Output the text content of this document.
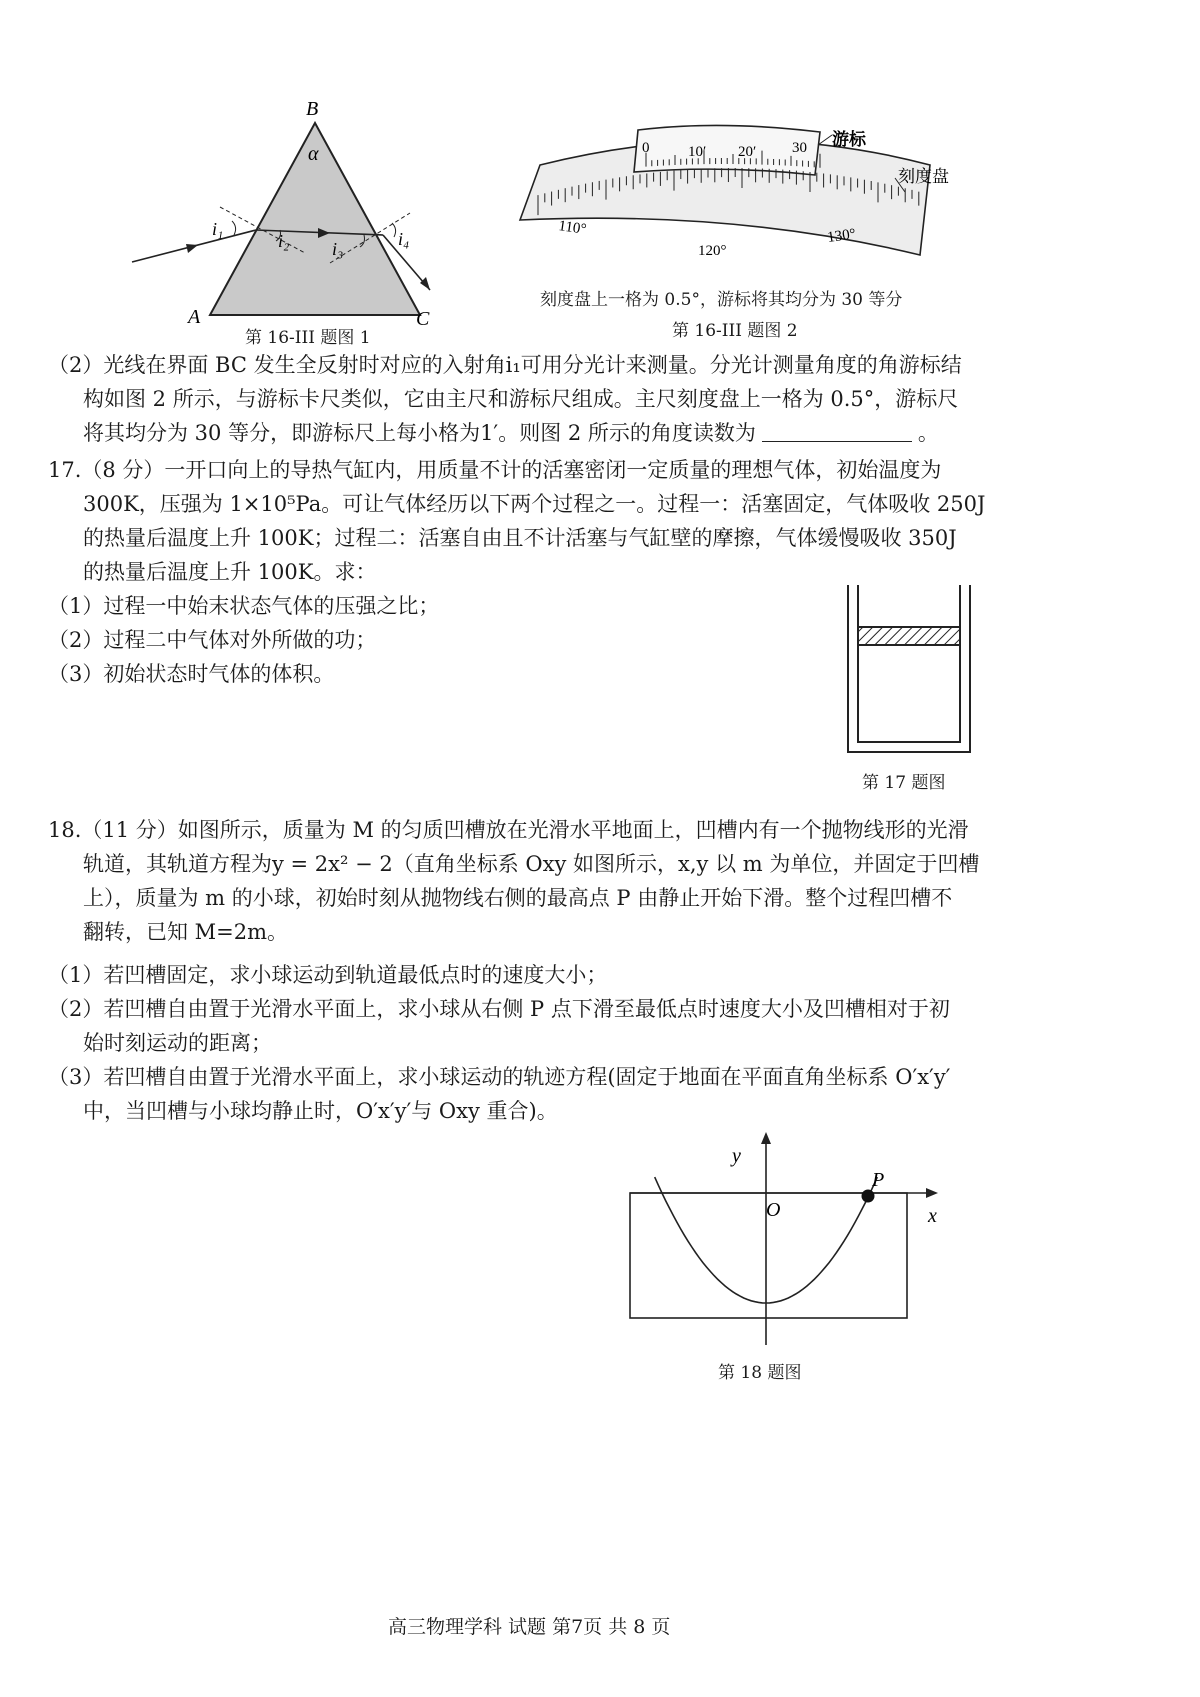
B
A	C
α
i₁
i₂ i₃	i₄
第 16-III 题图 1
0	10′ 20′ 30
110°
120°
130°
游标
刻度盘
刻度盘上一格为 0.5°，游标将其均分为 30 等分
第 16-III 题图 2
（2）光线在界面 BC 发生全反射时对应的入射角i₁可用分光计来测量。分光计测量角度的角游标结
构如图 2 所示，与游标卡尺类似，它由主尺和游标尺组成。主尺刻度盘上一格为 0.5°，游标尺
将其均分为 30 等分，即游标尺上每小格为1′。则图 2 所示的角度读数为	。
17.（8 分）一开口向上的导热气缸内，用质量不计的活塞密闭一定质量的理想气体，初始温度为
300K，压强为 1×10⁵Pa。可让气体经历以下两个过程之一。过程一：活塞固定，气体吸收 250J
的热量后温度上升 100K；过程二：活塞自由且不计活塞与气缸壁的摩擦，气体缓慢吸收 350J
的热量后温度上升 100K。求：
（1）过程一中始末状态气体的压强之比；
（2）过程二中气体对外所做的功；
（3）初始状态时气体的体积。
第 17 题图
18.（11 分）如图所示，质量为 M 的匀质凹槽放在光滑水平地面上，凹槽内有一个抛物线形的光滑
轨道，其轨道方程为y = 2x² − 2（直角坐标系 Oxy 如图所示，x,y 以 m 为单位，并固定于凹槽
上），质量为 m 的小球，初始时刻从抛物线右侧的最高点 P 由静止开始下滑。整个过程凹槽不
翻转，已知 M=2m。
（1）若凹槽固定，求小球运动到轨道最低点时的速度大小；
（2）若凹槽自由置于光滑水平面上，求小球从右侧 P 点下滑至最低点时速度大小及凹槽相对于初
始时刻运动的距离；
（3）若凹槽自由置于光滑水平面上，求小球运动的轨迹方程(固定于地面在平面直角坐标系 O′x′y′
中，当凹槽与小球均静止时，O′x′y′与 Oxy 重合)。
y
x
O
P
第 18 题图
高三物理学科 试题 第7页 共 8 页
